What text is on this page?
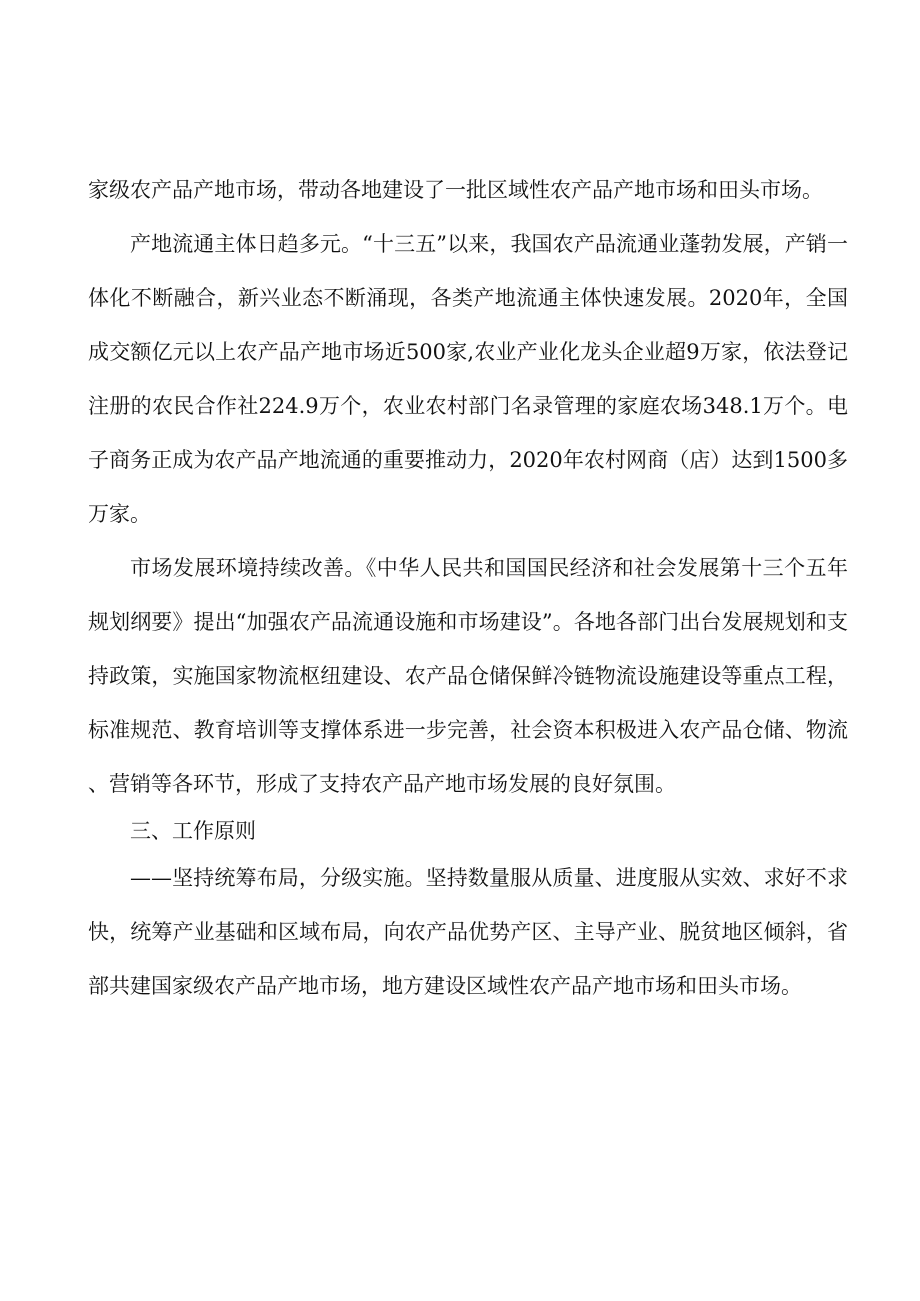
家级农产品产地市场，带动各地建设了一批区域性农产品产地市场和田头市场。

产地流通主体日趋多元。“十三五”以来，我国农产品流通业蓬勃发展，产销一体化不断融合，新兴业态不断涌现，各类产地流通主体快速发展。2020年，全国成交额亿元以上农产品产地市场近500家,农业产业化龙头企业超9万家，依法登记注册的农民合作社224.9万个，农业农村部门名录管理的家庭农场348.1万个。电子商务正成为农产品产地流通的重要推动力，2020年农村网商（店）达到1500多万家。

市场发展环境持续改善。《中华人民共和国国民经济和社会发展第十三个五年规划纲要》提出“加强农产品流通设施和市场建设”。各地各部门出台发展规划和支持政策，实施国家物流枢纽建设、农产品仓储保鲜冷链物流设施建设等重点工程，标准规范、教育培训等支撑体系进一步完善，社会资本积极进入农产品仓储、物流、营销等各环节，形成了支持农产品产地市场发展的良好氛围。

三、工作原则

——坚持统筹布局，分级实施。坚持数量服从质量、进度服从实效、求好不求快，统筹产业基础和区域布局，向农产品优势产区、主导产业、脱贫地区倾斜，省部共建国家级农产品产地市场，地方建设区域性农产品产地市场和田头市场。
